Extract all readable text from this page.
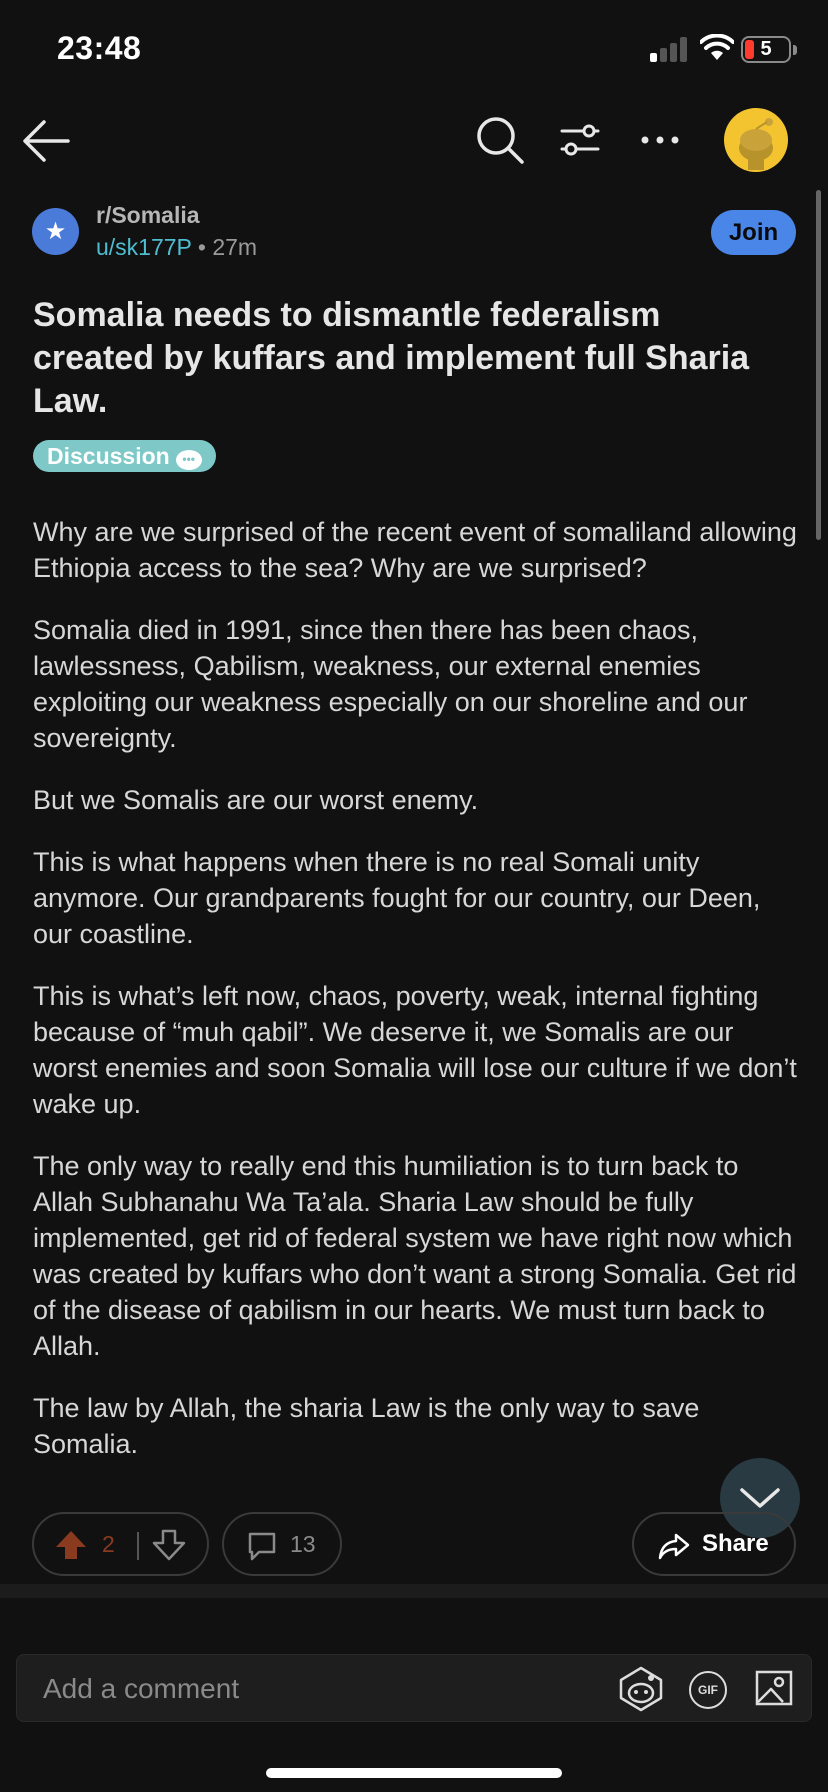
23:48	5
★
r/Somalia
u/sk177P • 27m
Join
Somalia needs to dismantle federalism created by kuffars and implement full Sharia Law.
Discussion •••

Why are we surprised of the recent event of somaliland allowing Ethiopia access to the sea? Why are we surprised?

Somalia died in 1991, since then there has been chaos, lawlessness, Qabilism, weakness, our external enemies exploiting our weakness especially on our shoreline and our sovereignty.

But we Somalis are our worst enemy.

This is what happens when there is no real Somali unity anymore. Our grandparents fought for our country, our Deen, our coastline.

This is what’s left now, chaos, poverty, weak, internal fighting because of “muh qabil”. We deserve it, we Somalis are our worst enemies and soon Somalia will lose our culture if we don’t wake up.

The only way to really end this humiliation is to turn back to Allah Subhanahu Wa Ta’ala. Sharia Law should be fully implemented, get rid of federal system we have right now which was created by kuffars who don’t want a strong Somalia. Get rid of the disease of qabilism in our hearts. We must turn back to Allah.

The law by Allah, the sharia Law is the only way to save Somalia.

2	13	Share
Add a comment	GIF
